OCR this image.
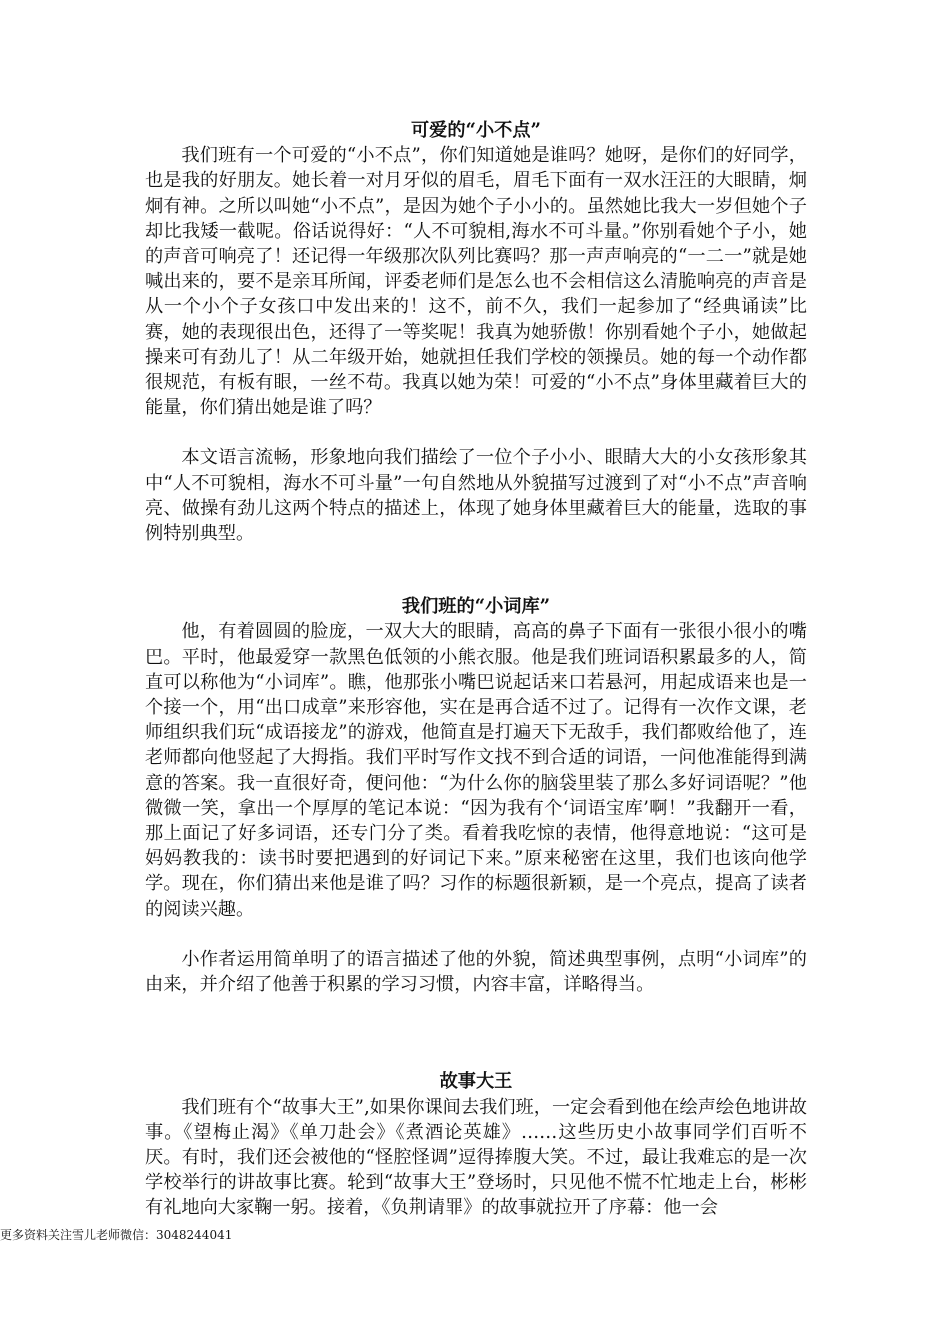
可爱的“小不点”

我们班有一个可爱的“小不点”，你们知道她是谁吗？她呀，是你们的好同学，也是我的好朋友。她长着一对月牙似的眉毛，眉毛下面有一双水汪汪的大眼睛，炯炯有神。之所以叫她“小不点”，是因为她个子小小的。虽然她比我大一岁但她个子却比我矮一截呢。俗话说得好：“人不可貌相,海水不可斗量。”你别看她个子小，她的声音可响亮了！还记得一年级那次队列比赛吗？那一声声响亮的“一二一”就是她喊出来的，要不是亲耳所闻，评委老师们是怎么也不会相信这么清脆响亮的声音是从一个小个子女孩口中发出来的！这不，前不久，我们一起参加了“经典诵读”比赛，她的表现很出色，还得了一等奖呢！我真为她骄傲！你别看她个子小，她做起操来可有劲儿了！从二年级开始，她就担任我们学校的领操员。她的每一个动作都很规范，有板有眼，一丝不苟。我真以她为荣！可爱的“小不点”身体里藏着巨大的能量，你们猜出她是谁了吗？

本文语言流畅，形象地向我们描绘了一位个子小小、眼睛大大的小女孩形象其中“人不可貌相，海水不可斗量”一句自然地从外貌描写过渡到了对“小不点”声音响亮、做操有劲儿这两个特点的描述上，体现了她身体里藏着巨大的能量，选取的事例特别典型。

我们班的“小词库”

他，有着圆圆的脸庞，一双大大的眼睛，高高的鼻子下面有一张很小很小的嘴巴。平时，他最爱穿一款黑色低领的小熊衣服。他是我们班词语积累最多的人，简直可以称他为“小词库”。瞧，他那张小嘴巴说起话来口若悬河，用起成语来也是一个接一个，用“出口成章”来形容他，实在是再合适不过了。记得有一次作文课，老师组织我们玩“成语接龙”的游戏，他简直是打遍天下无敌手，我们都败给他了，连老师都向他竖起了大拇指。我们平时写作文找不到合适的词语，一问他准能得到满意的答案。我一直很好奇，便问他：“为什么你的脑袋里装了那么多好词语呢？”他微微一笑，拿出一个厚厚的笔记本说：“因为我有个‘词语宝库’啊！”我翻开一看，那上面记了好多词语，还专门分了类。看着我吃惊的表情，他得意地说：“这可是妈妈教我的：读书时要把遇到的好词记下来。”原来秘密在这里，我们也该向他学学。现在，你们猜出来他是谁了吗？习作的标题很新颖，是一个亮点，提高了读者的阅读兴趣。

小作者运用简单明了的语言描述了他的外貌，简述典型事例，点明“小词库”的由来，并介绍了他善于积累的学习习惯，内容丰富，详略得当。

故事大王

我们班有个“故事大王”,如果你课间去我们班，一定会看到他在绘声绘色地讲故事。《望梅止渴》《单刀赴会》《煮酒论英雄》……这些历史小故事同学们百听不厌。有时，我们还会被他的“怪腔怪调”逗得捧腹大笑。不过，最让我难忘的是一次学校举行的讲故事比赛。轮到“故事大王”登场时，只见他不慌不忙地走上台，彬彬有礼地向大家鞠一躬。接着，《负荆请罪》的故事就拉开了序幕：他一会

更多资料关注雪儿老师微信：3048244041
